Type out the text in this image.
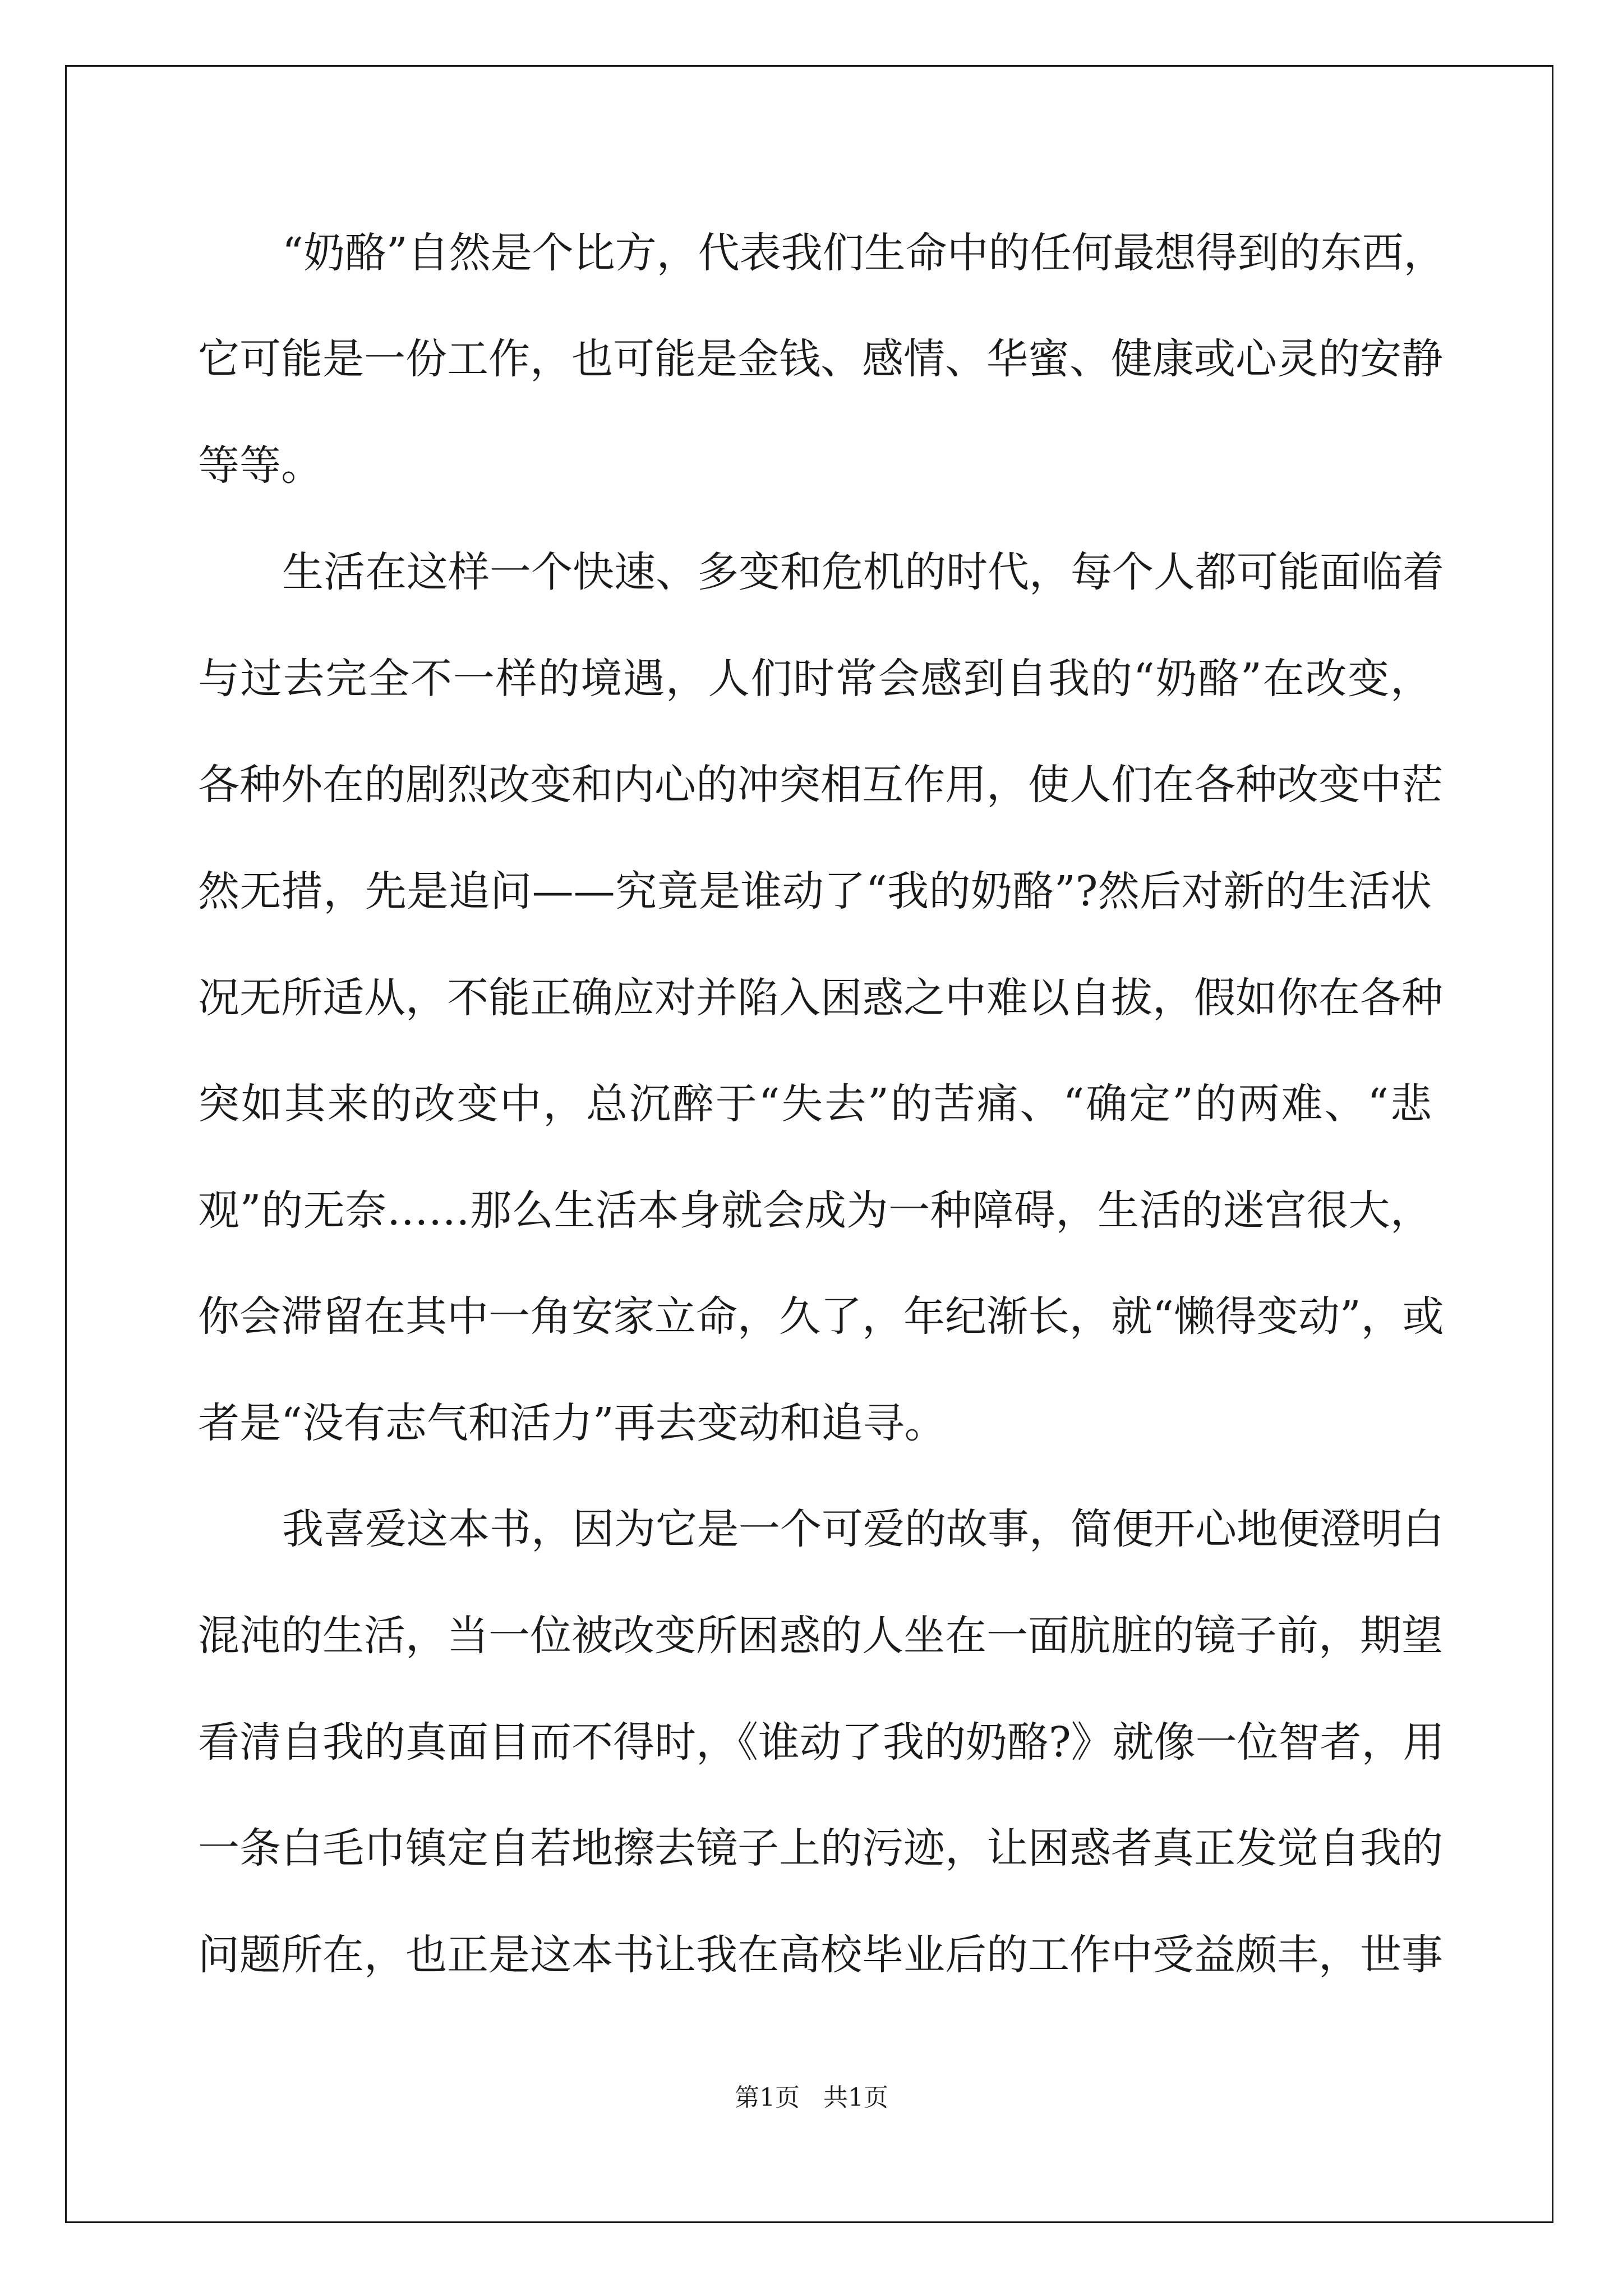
“奶酪”自然是个比方，代表我们生命中的任何最想得到的东西，

它可能是一份工作，也可能是金钱、感情、华蜜、健康或心灵的安静

等等。

生活在这样一个快速、多变和危机的时代，每个人都可能面临着

与过去完全不一样的境遇，人们时常会感到自我的“奶酪”在改变，

各种外在的剧烈改变和内心的冲突相互作用，使人们在各种改变中茫

然无措，先是追问——究竟是谁动了“我的奶酪”?然后对新的生活状

况无所适从，不能正确应对并陷入困惑之中难以自拔，假如你在各种

突如其来的改变中，总沉醉于“失去”的苦痛、“确定”的两难、“悲

观”的无奈……那么生活本身就会成为一种障碍，生活的迷宫很大，

你会滞留在其中一角安家立命，久了，年纪渐长，就“懒得变动”，或

者是“没有志气和活力”再去变动和追寻。

我喜爱这本书，因为它是一个可爱的故事，简便开心地便澄明白

混沌的生活，当一位被改变所困惑的人坐在一面肮脏的镜子前，期望

看清自我的真面目而不得时，《谁动了我的奶酪?》就像一位智者，用

一条白毛巾镇定自若地擦去镜子上的污迹，让困惑者真正发觉自我的

问题所在，也正是这本书让我在高校毕业后的工作中受益颇丰，世事

第1页   共1页
